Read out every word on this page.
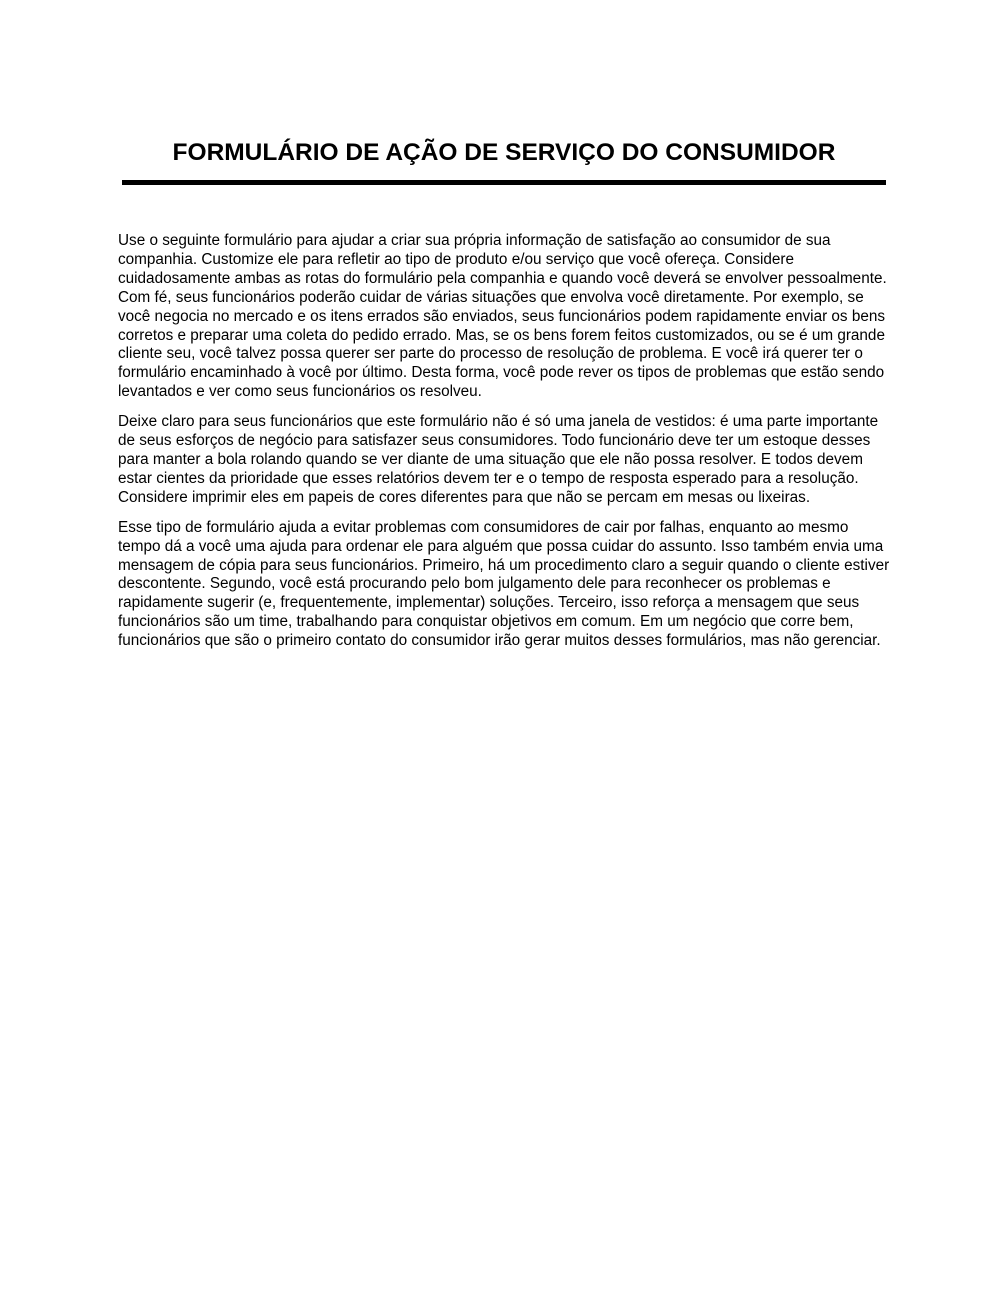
FORMULÁRIO DE AÇÃO DE SERVIÇO DO CONSUMIDOR

Use o seguinte formulário para ajudar a criar sua própria informação de satisfação ao consumidor de sua companhia. Customize ele para refletir ao tipo de produto e/ou serviço que você ofereça. Considere cuidadosamente ambas as rotas do formulário pela companhia e quando você deverá se envolver pessoalmente. Com fé, seus funcionários poderão cuidar de várias situações que envolva você diretamente. Por exemplo, se você negocia no mercado e os itens errados são enviados, seus funcionários podem rapidamente enviar os bens corretos e preparar uma coleta do pedido errado. Mas, se os bens forem feitos customizados, ou se é um grande cliente seu, você talvez possa querer ser parte do processo de resolução de problema. E você irá querer ter o formulário encaminhado à você por último. Desta forma, você pode rever os tipos de problemas que estão sendo levantados e ver como seus funcionários os resolveu.

Deixe claro para seus funcionários que este formulário não é só uma janela de vestidos: é uma parte importante de seus esforços de negócio para satisfazer seus consumidores. Todo funcionário deve ter um estoque desses para manter a bola rolando quando se ver diante de uma situação que ele não possa resolver. E todos devem estar cientes da prioridade que esses relatórios devem ter e o tempo de resposta esperado para a resolução. Considere imprimir eles em papeis de cores diferentes para que não se percam em mesas ou lixeiras.

Esse tipo de formulário ajuda a evitar problemas com consumidores de cair por falhas, enquanto ao mesmo tempo dá a você uma ajuda para ordenar ele para alguém que possa cuidar do assunto. Isso também envia uma mensagem de cópia para seus funcionários. Primeiro, há um procedimento claro a seguir quando o cliente estiver descontente. Segundo, você está procurando pelo bom julgamento dele para reconhecer os problemas e rapidamente sugerir (e, frequentemente, implementar) soluções. Terceiro, isso reforça a mensagem que seus funcionários são um time, trabalhando para conquistar objetivos em comum. Em um negócio que corre bem, funcionários que são o primeiro contato do consumidor irão gerar muitos desses formulários, mas não gerenciar.
